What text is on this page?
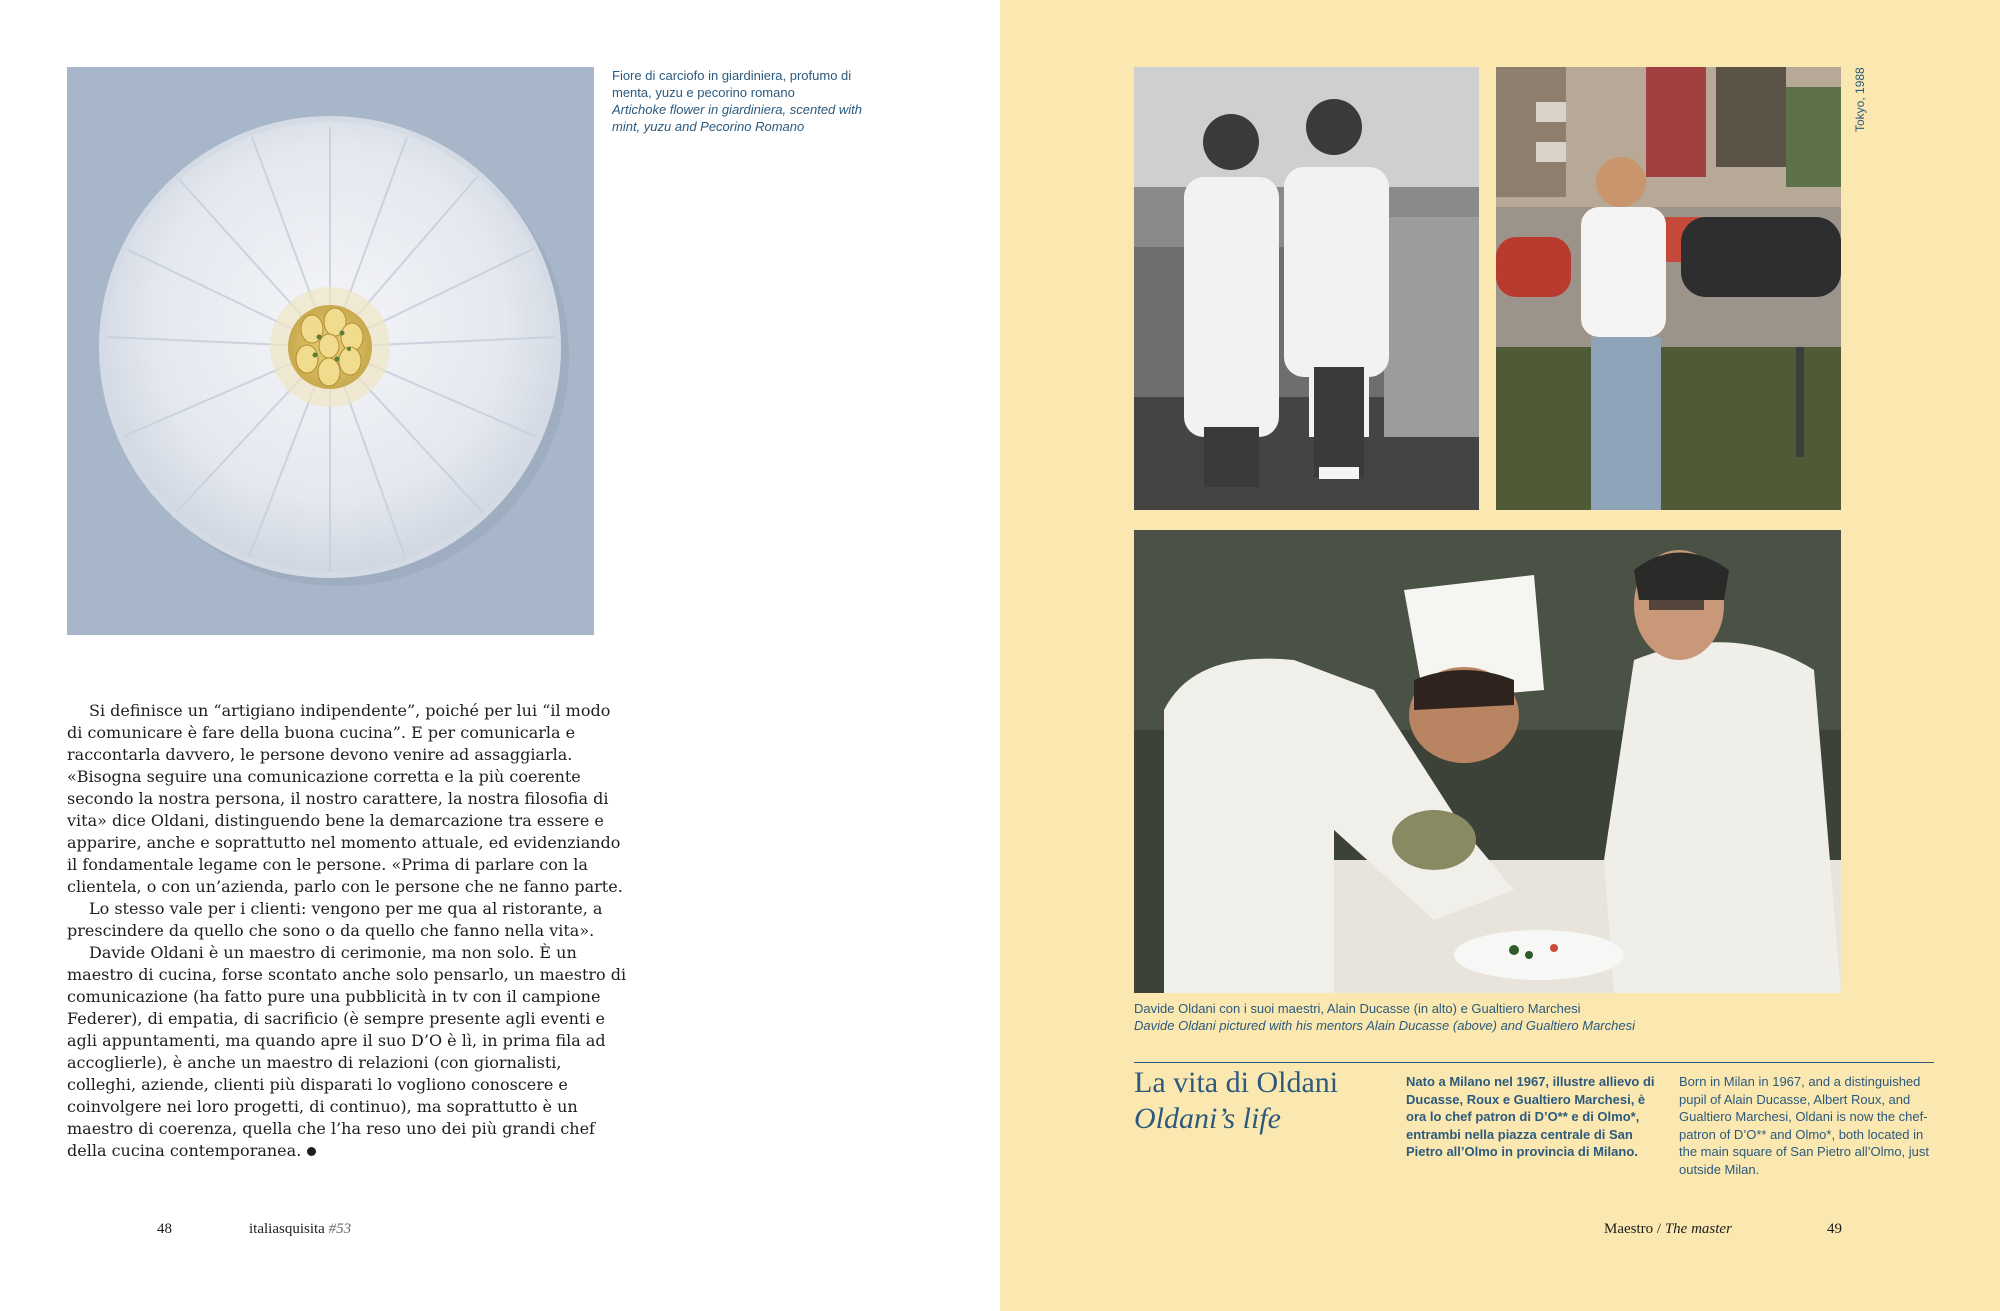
Fiore di carciofo in giardiniera, profumo di menta, yuzu e pecorino romano
Artichoke flower in giardiniera, scented with mint, yuzu and Pecorino Romano

Si definisce un “artigiano indipendente”, poiché per lui “il modo di comunicare è fare della buona cucina”. E per comunicarla e raccontarla davvero, le persone devono venire ad assaggiarla. «Bisogna seguire una comunicazione corretta e la più coerente secondo la nostra persona, il nostro carattere, la nostra filosofia di vita» dice Oldani, distinguendo bene la demarcazione tra essere e apparire, anche e soprattutto nel momento attuale, ed evidenziando il fondamentale legame con le persone. «Prima di parlare con la clientela, o con un’azienda, parlo con le persone che ne fanno parte.

Lo stesso vale per i clienti: vengono per me qua al ristorante, a prescindere da quello che sono o da quello che fanno nella vita».

Davide Oldani è un maestro di cerimonie, ma non solo. È un maestro di cucina, forse scontato anche solo pensarlo, un maestro di comunicazione (ha fatto pure una pubblicità in tv con il campione Federer), di empatia, di sacrificio (è sempre presente agli eventi e agli appuntamenti, ma quando apre il suo D’O è lì, in prima fila ad accoglierle), è anche un maestro di relazioni (con giornalisti, colleghi, aziende, clienti più disparati lo vogliono conoscere e coinvolgere nei loro progetti, di continuo), ma soprattutto è un maestro di coerenza, quella che l’ha reso uno dei più grandi chef della cucina contemporanea.

48	italiasquisita #53
Tokyo, 1988
Davide Oldani con i suoi maestri, Alain Ducasse (in alto) e Gualtiero Marchesi
Davide Oldani pictured with his mentors Alain Ducasse (above) and Gualtiero Marchesi
La vita di Oldani
Oldani’s life
Nato a Milano nel 1967, illustre allievo di Ducasse, Roux e Gualtiero Marchesi, è ora lo chef patron di D’O** e di Olmo*, entrambi nella piazza centrale di San Pietro all’Olmo in provincia di Milano.
Born in Milan in 1967, and a distinguished pupil of Alain Ducasse, Albert Roux, and Gualtiero Marchesi, Oldani is now the chef-patron of D’O** and Olmo*, both located in the main square of San Pietro all’Olmo, just outside Milan.
Maestro / The master	49
